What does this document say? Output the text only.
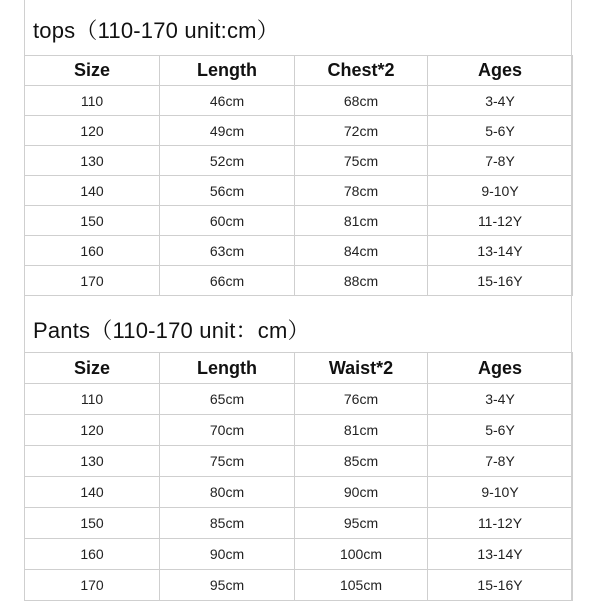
tops（110-170 unit:cm）
Size	Length	Chest*2	Ages
110	46cm	68cm	3-4Y
120	49cm	72cm	5-6Y
130	52cm	75cm	7-8Y
140	56cm	78cm	9-10Y
150	60cm	81cm	11-12Y
160	63cm	84cm	13-14Y
170	66cm	88cm	15-16Y
Pants（110-170 unit：cm）
Size	Length	Waist*2	Ages
110	65cm	76cm	3-4Y
120	70cm	81cm	5-6Y
130	75cm	85cm	7-8Y
140	80cm	90cm	9-10Y
150	85cm	95cm	11-12Y
160	90cm	100cm	13-14Y
170	95cm	105cm	15-16Y
